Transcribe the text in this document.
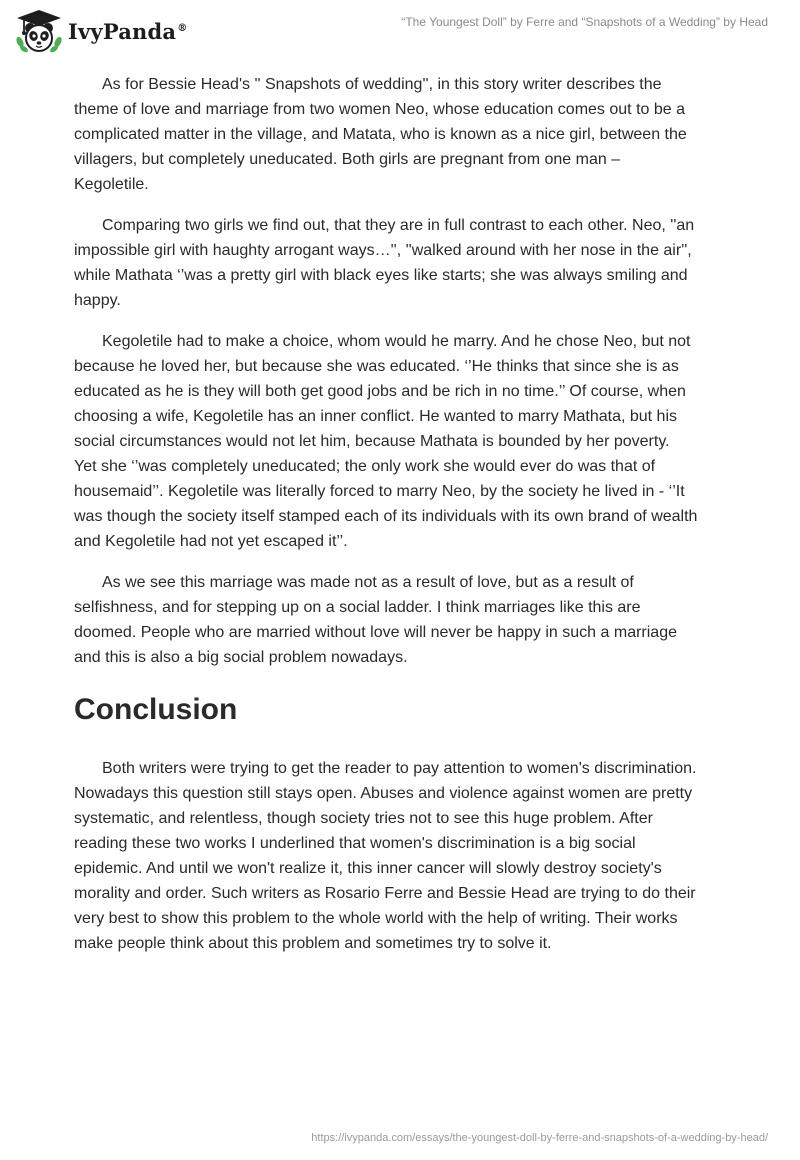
IvyPanda®	“The Youngest Doll” by Ferre and “Snapshots of a Wedding” by Head

As for Bessie Head's '' Snapshots of wedding'', in this story writer describes the
theme of love and marriage from two women Neo, whose education comes out to be a
complicated matter in the village, and Matata, who is known as a nice girl, between the
villagers, but completely uneducated. Both girls are pregnant from one man –
Kegoletile.

Comparing two girls we find out, that they are in full contrast to each other. Neo, ''an
impossible girl with haughty arrogant ways…'', ''walked around with her nose in the air'',
while Mathata ‘’was a pretty girl with black eyes like starts; she was always smiling and
happy.

Kegoletile had to make a choice, whom would he marry. And he chose Neo, but not
because he loved her, but because she was educated. ‘’He thinks that since she is as
educated as he is they will both get good jobs and be rich in no time.’’ Of course, when
choosing a wife, Kegoletile has an inner conflict. He wanted to marry Mathata, but his
social circumstances would not let him, because Mathata is bounded by her poverty.
Yet she ‘’was completely uneducated; the only work she would ever do was that of
housemaid’’. Kegoletile was literally forced to marry Neo, by the society he lived in - ‘’It
was though the society itself stamped each of its individuals with its own brand of wealth
and Kegoletile had not yet escaped it’’.

As we see this marriage was made not as a result of love, but as a result of
selfishness, and for stepping up on a social ladder. I think marriages like this are
doomed. People who are married without love will never be happy in such a marriage
and this is also a big social problem nowadays.

Conclusion

Both writers were trying to get the reader to pay attention to women's discrimination.
Nowadays this question still stays open. Abuses and violence against women are pretty
systematic, and relentless, though society tries not to see this huge problem. After
reading these two works I underlined that women's discrimination is a big social
epidemic. And until we won't realize it, this inner cancer will slowly destroy society's
morality and order. Such writers as Rosario Ferre and Bessie Head are trying to do their
very best to show this problem to the whole world with the help of writing. Their works
make people think about this problem and sometimes try to solve it.

https://ivypanda.com/essays/the-youngest-doll-by-ferre-and-snapshots-of-a-wedding-by-head/
